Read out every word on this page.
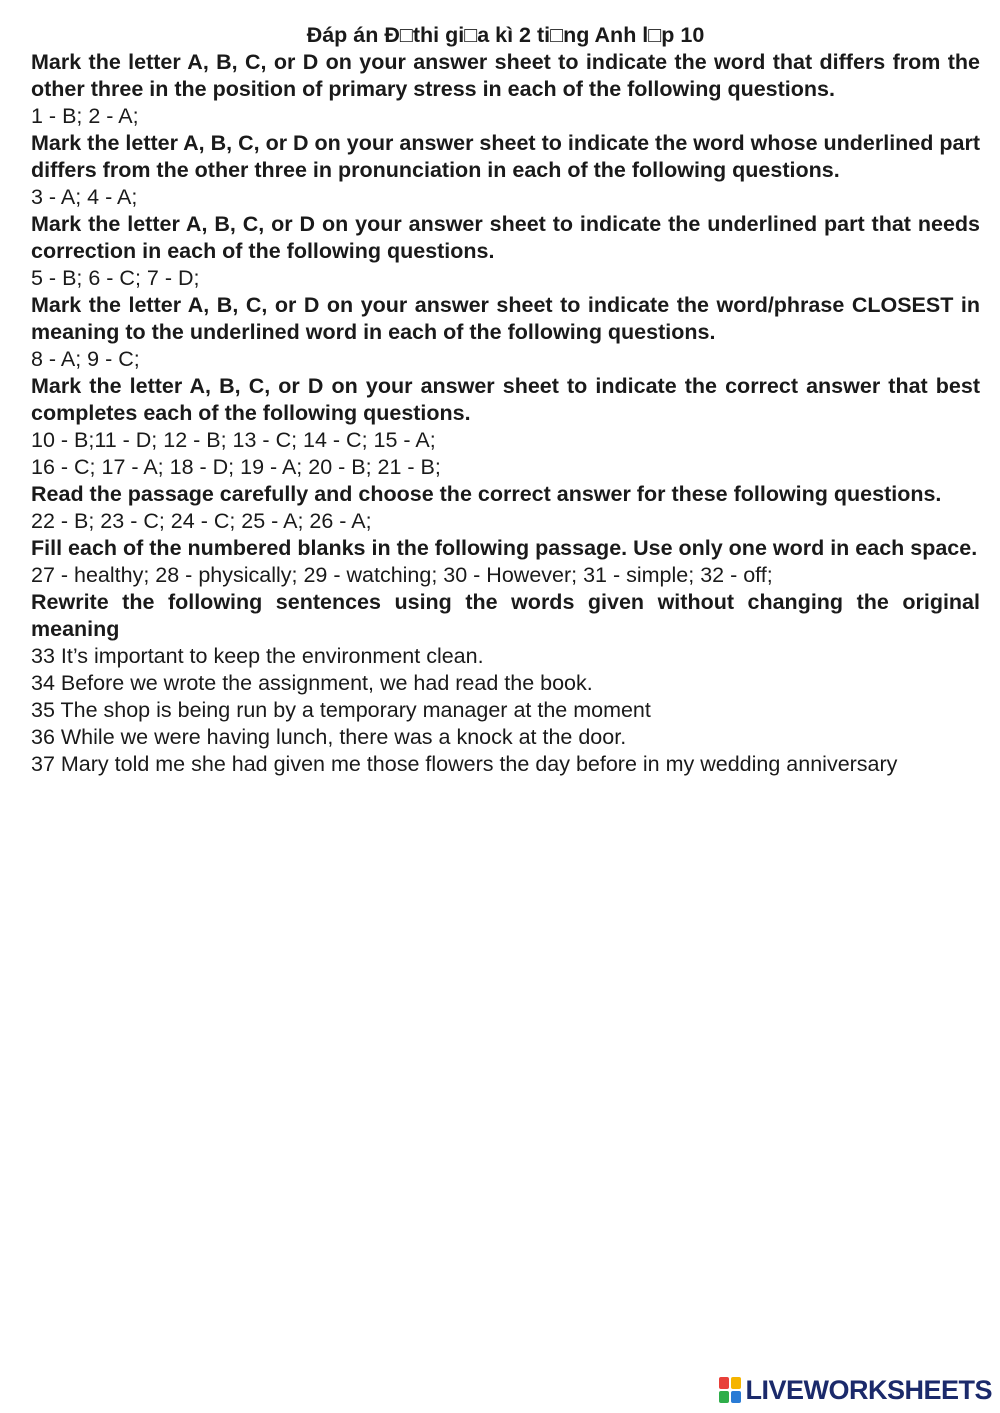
Đáp án Đ□thi gi□a kì 2 ti□ng Anh l□p 10

Mark the letter A, B, C, or D on your answer sheet to indicate the word that differs from the other three in the position of primary stress in each of the following questions.

1 - B; 2 - A;

Mark the letter A, B, C, or D on your answer sheet to indicate the word whose underlined part differs from the other three in pronunciation in each of the following questions.

3 - A; 4 - A;

Mark the letter A, B, C, or D on your answer sheet to indicate the underlined part that needs correction in each of the following questions.

5 - B; 6 - C; 7 - D;

Mark the letter A, B, C, or D on your answer sheet to indicate the word/phrase CLOSEST in meaning to the underlined word in each of the following questions.

8 - A; 9 - C;

Mark the letter A, B, C, or D on your answer sheet to indicate the correct answer that best completes each of the following questions.

10 - B;11 - D; 12 - B; 13 - C; 14 - C; 15 - A;

16 - C; 17 - A; 18 - D; 19 - A; 20 - B; 21 - B;

Read the passage carefully and choose the correct answer for these following questions.

22 - B; 23 - C; 24 - C; 25 - A; 26 - A;

Fill each of the numbered blanks in the following passage. Use only one word in each space.

27 - healthy; 28 - physically; 29 - watching; 30 - However; 31 - simple; 32 - off;

Rewrite the following sentences using the words given without changing the original meaning

33 It’s important to keep the environment clean.

34 Before we wrote the assignment, we had read the book.

35 The shop is being run by a temporary manager at the moment

36 While we were having lunch, there was a knock at the door.

37 Mary told me she had given me those flowers the day before in my wedding anniversary

LIVEWORKSHEETS
